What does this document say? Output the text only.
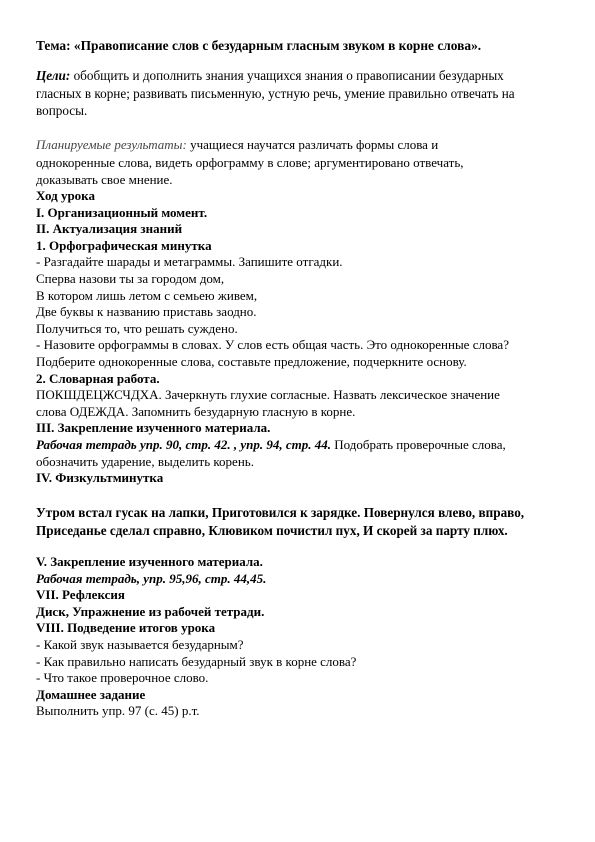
Тема: «Правописание слов с безударным гласным звуком в корне слова».
Цели: обобщить и дополнить знания учащихся знания о правописании безударных
гласных в корне; развивать письменную, устную речь, умение правильно отвечать на
вопросы.
Планируемые результаты: учащиеся научатся различать формы слова и
однокоренные слова, видеть орфограмму в слове; аргументировано отвечать,
доказывать свое мнение.
Ход урока
I. Организационный момент.
II. Актуализация знаний
1. Орфографическая минутка
- Разгадайте шарады и метаграммы. Запишите отгадки.
Сперва назови ты за городом дом,
В котором лишь летом с семьею живем,
Две буквы к названию приставь заодно.
Получиться то, что решать суждено.
- Назовите орфограммы в словах. У слов есть общая часть. Это однокоренные слова?
Подберите однокоренные слова, составьте предложение, подчеркните основу.
2. Словарная работа.
ПОКШДЕЦЖСЧДХА. Зачеркнуть глухие согласные. Назвать лексическое значение
слова ОДЕЖДА. Запомнить безударную гласную в корне.
III. Закрепление изученного материала.
Рабочая тетрадь упр. 90, стр. 42. , упр. 94, стр. 44. Подобрать проверочные слова,
обозначить ударение, выделить корень.
IV. Физкультминутка
Утром встал гусак на лапки, Приготовился к зарядке. Повернулся влево, вправо,
Приседанье сделал справно, Клювиком почистил пух, И скорей за парту плюх.
V. Закрепление изученного материала.
Рабочая тетрадь, упр. 95,96, стр. 44,45.
VII. Рефлексия
Диск, Упражнение из рабочей тетради.
VIII. Подведение итогов урока
- Какой звук называется безударным?
- Как правильно написать безударный звук в корне слова?
- Что такое проверочное слово.
Домашнее задание
Выполнить упр. 97 (с. 45) р.т.
